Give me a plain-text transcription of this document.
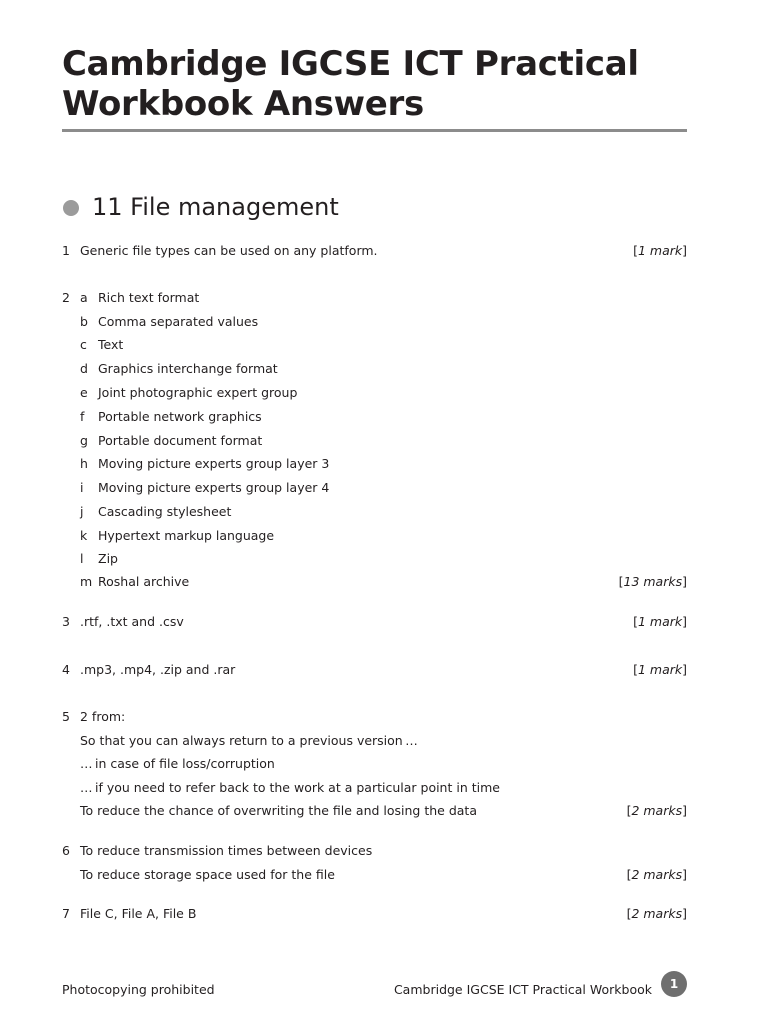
Cambridge IGCSE ICT Practical Workbook Answers
11 File management
1 Generic file types can be used on any platform.	[1 mark]
2 a Rich text format
b Comma separated values
c Text
d Graphics interchange format
e Joint photographic expert group
f Portable network graphics
g Portable document format
h Moving picture experts group layer 3
i Moving picture experts group layer 4
j Cascading stylesheet
k Hypertext markup language
l Zip
m Roshal archive	[13 marks]
3 .rtf, .txt and .csv	[1 mark]
4 .mp3, .mp4, .zip and .rar	[1 mark]
5 2 from:
So that you can always return to a previous version …
… in case of file loss/corruption
… if you need to refer back to the work at a particular point in time
To reduce the chance of overwriting the file and losing the data	[2 marks]
6 To reduce transmission times between devices
To reduce storage space used for the file	[2 marks]
7 File C, File A, File B	[2 marks]
Photocopying prohibited	Cambridge IGCSE ICT Practical Workbook	1
